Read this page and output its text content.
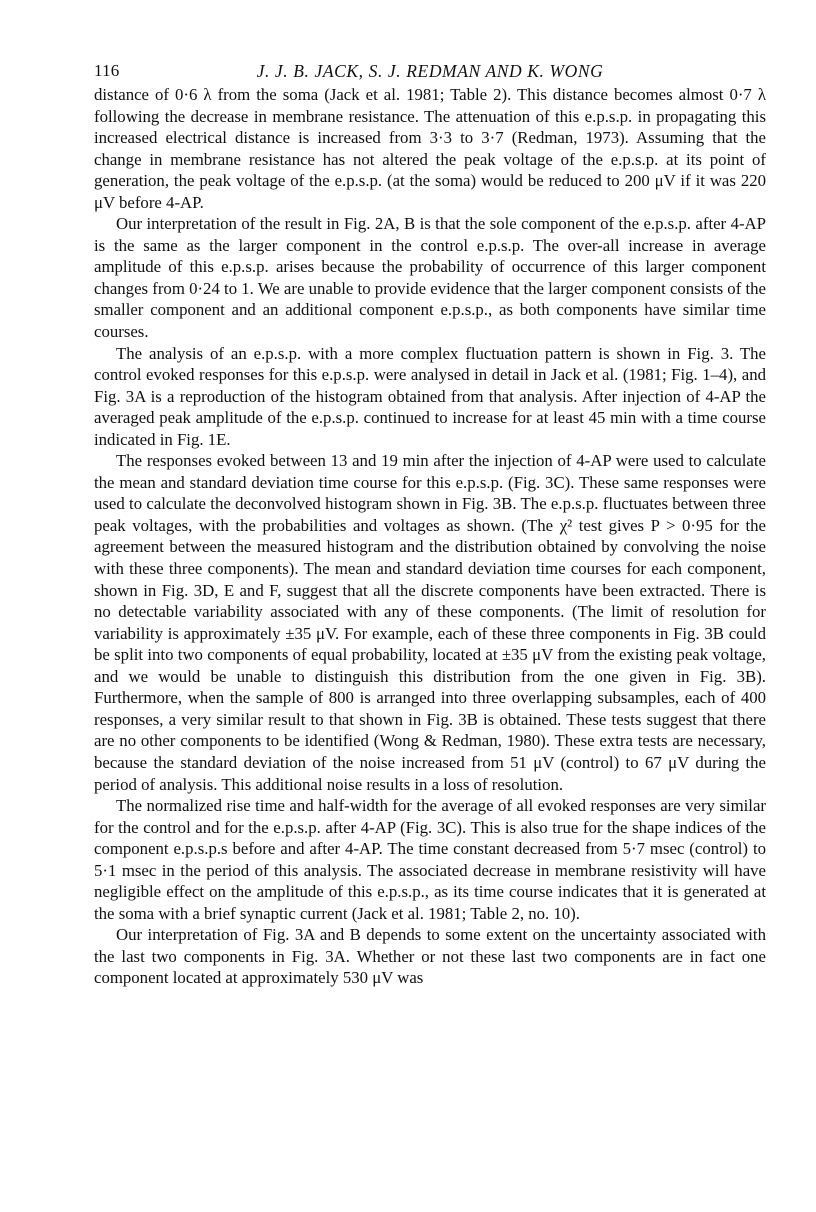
116	J. J. B. JACK, S. J. REDMAN AND K. WONG

distance of 0·6 λ from the soma (Jack et al. 1981; Table 2). This distance becomes almost 0·7 λ following the decrease in membrane resistance. The attenuation of this e.p.s.p. in propagating this increased electrical distance is increased from 3·3 to 3·7 (Redman, 1973). Assuming that the change in membrane resistance has not altered the peak voltage of the e.p.s.p. at its point of generation, the peak voltage of the e.p.s.p. (at the soma) would be reduced to 200 μV if it was 220 μV before 4-AP.

Our interpretation of the result in Fig. 2A, B is that the sole component of the e.p.s.p. after 4-AP is the same as the larger component in the control e.p.s.p. The over-all increase in average amplitude of this e.p.s.p. arises because the probability of occurrence of this larger component changes from 0·24 to 1. We are unable to provide evidence that the larger component consists of the smaller component and an additional component e.p.s.p., as both components have similar time courses.

The analysis of an e.p.s.p. with a more complex fluctuation pattern is shown in Fig. 3. The control evoked responses for this e.p.s.p. were analysed in detail in Jack et al. (1981; Fig. 1–4), and Fig. 3A is a reproduction of the histogram obtained from that analysis. After injection of 4-AP the averaged peak amplitude of the e.p.s.p. continued to increase for at least 45 min with a time course indicated in Fig. 1E.

The responses evoked between 13 and 19 min after the injection of 4-AP were used to calculate the mean and standard deviation time course for this e.p.s.p. (Fig. 3C). These same responses were used to calculate the deconvolved histogram shown in Fig. 3B. The e.p.s.p. fluctuates between three peak voltages, with the probabilities and voltages as shown. (The χ² test gives P > 0·95 for the agreement between the measured histogram and the distribution obtained by convolving the noise with these three components). The mean and standard deviation time courses for each component, shown in Fig. 3D, E and F, suggest that all the discrete components have been extracted. There is no detectable variability associated with any of these components. (The limit of resolution for variability is approximately ±35 μV. For example, each of these three components in Fig. 3B could be split into two components of equal probability, located at ±35 μV from the existing peak voltage, and we would be unable to distinguish this distribution from the one given in Fig. 3B). Furthermore, when the sample of 800 is arranged into three overlapping subsamples, each of 400 responses, a very similar result to that shown in Fig. 3B is obtained. These tests suggest that there are no other components to be identified (Wong & Redman, 1980). These extra tests are necessary, because the standard deviation of the noise increased from 51 μV (control) to 67 μV during the period of analysis. This additional noise results in a loss of resolution.

The normalized rise time and half-width for the average of all evoked responses are very similar for the control and for the e.p.s.p. after 4-AP (Fig. 3C). This is also true for the shape indices of the component e.p.s.p.s before and after 4-AP. The time constant decreased from 5·7 msec (control) to 5·1 msec in the period of this analysis. The associated decrease in membrane resistivity will have negligible effect on the amplitude of this e.p.s.p., as its time course indicates that it is generated at the soma with a brief synaptic current (Jack et al. 1981; Table 2, no. 10).

Our interpretation of Fig. 3A and B depends to some extent on the uncertainty associated with the last two components in Fig. 3A. Whether or not these last two components are in fact one component located at approximately 530 μV was
